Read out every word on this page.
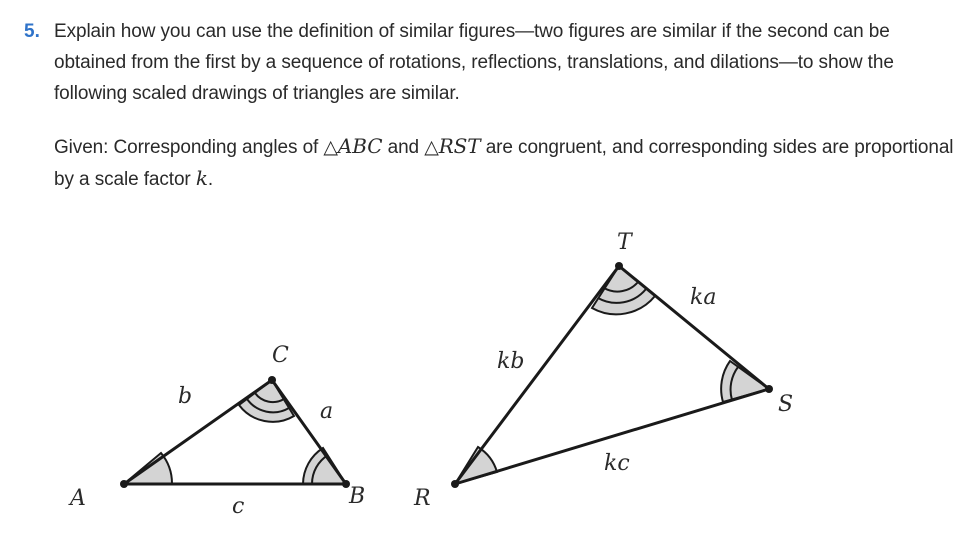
5. Explain how you can use the definition of similar figures—two figures are similar if the second can be obtained from the first by a sequence of rotations, reflections, translations, and dilations—to show the following scaled drawings of triangles are similar.
Given: Corresponding angles of △ABC and △RST are congruent, and corresponding sides are proportional by a scale factor k.
A	B
C
a
b
c	R
S
T
ka
kb
kc
